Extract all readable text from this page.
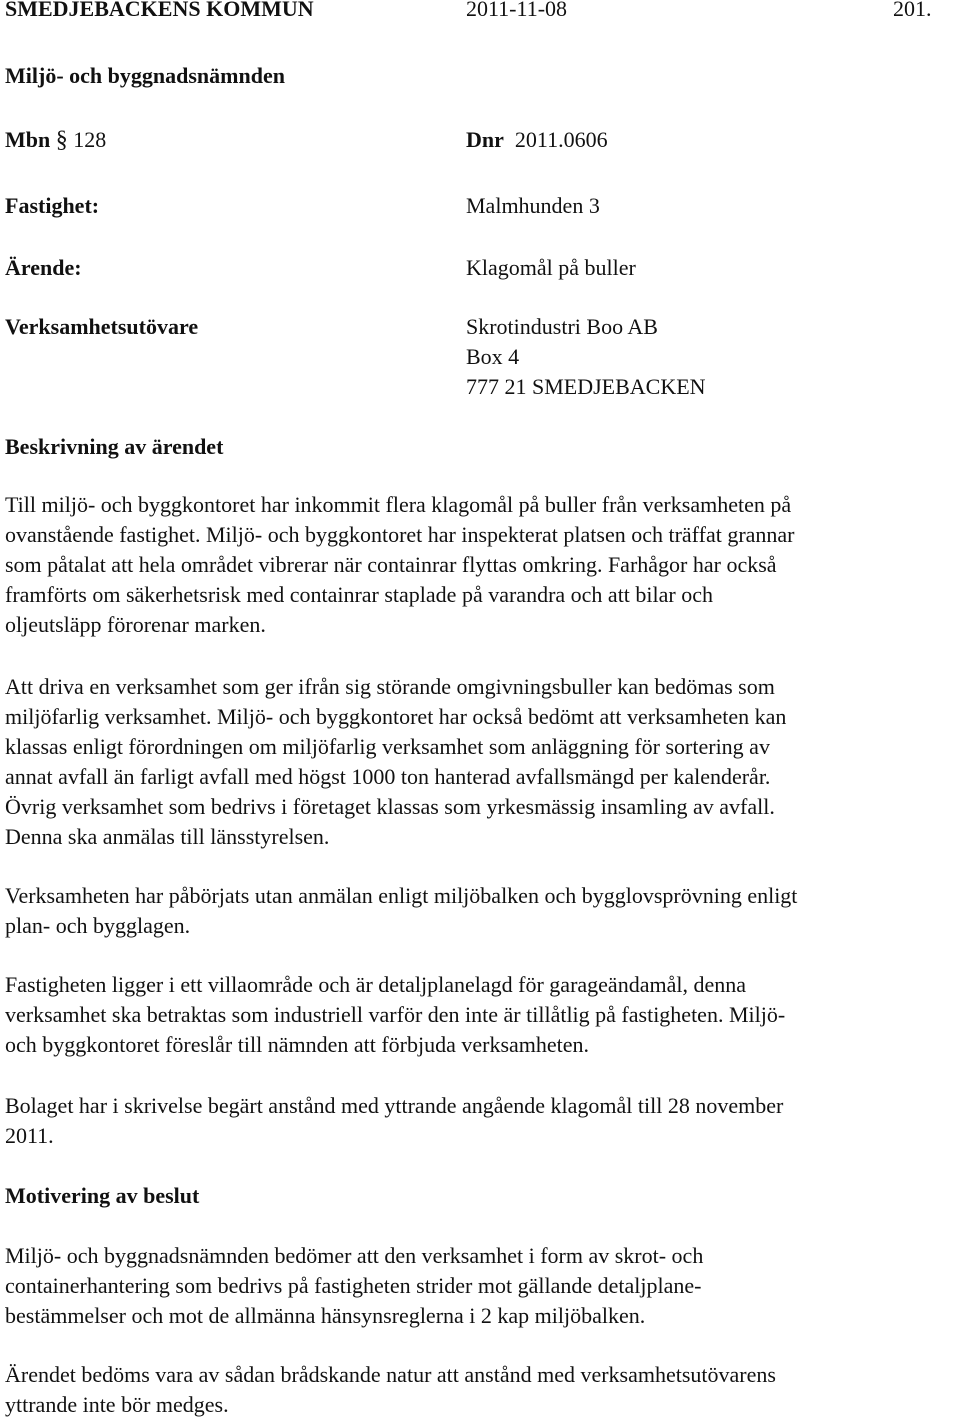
SMEDJEBACKENS KOMMUN	2011-11-08	201.
Miljö- och byggnadsnämnden
Mbn § 128	Dnr 2011.0606
Fastighet:	Malmhunden 3
Ärende:	Klagomål på buller
Verksamhetsutövare	Skrotindustri Boo AB
Box 4
777 21 SMEDJEBACKEN
Beskrivning av ärendet
Till miljö- och byggkontoret har inkommit flera klagomål på buller från verksamheten på
ovanstående fastighet. Miljö- och byggkontoret har inspekterat platsen och träffat grannar
som påtalat att hela området vibrerar när containrar flyttas omkring. Farhågor har också
framförts om säkerhetsrisk med containrar staplade på varandra och att bilar och
oljeutsläpp förorenar marken.
Att driva en verksamhet som ger ifrån sig störande omgivningsbuller kan bedömas som
miljöfarlig verksamhet. Miljö- och byggkontoret har också bedömt att verksamheten kan
klassas enligt förordningen om miljöfarlig verksamhet som anläggning för sortering av
annat avfall än farligt avfall med högst 1000 ton hanterad avfallsmängd per kalenderår.
Övrig verksamhet som bedrivs i företaget klassas som yrkesmässig insamling av avfall.
Denna ska anmälas till länsstyrelsen.
Verksamheten har påbörjats utan anmälan enligt miljöbalken och bygglovsprövning enligt
plan- och bygglagen.
Fastigheten ligger i ett villaområde och är detaljplanelagd för garageändamål, denna
verksamhet ska betraktas som industriell varför den inte är tillåtlig på fastigheten. Miljö-
och byggkontoret föreslår till nämnden att förbjuda verksamheten.
Bolaget har i skrivelse begärt anstånd med yttrande angående klagomål till 28 november
2011.
Motivering av beslut
Miljö- och byggnadsnämnden bedömer att den verksamhet i form av skrot- och
containerhantering som bedrivs på fastigheten strider mot gällande detaljplane-
bestämmelser och mot de allmänna hänsynsreglerna i 2 kap miljöbalken.
Ärendet bedöms vara av sådan brådskande natur att anstånd med verksamhetsutövarens
yttrande inte bör medges.
